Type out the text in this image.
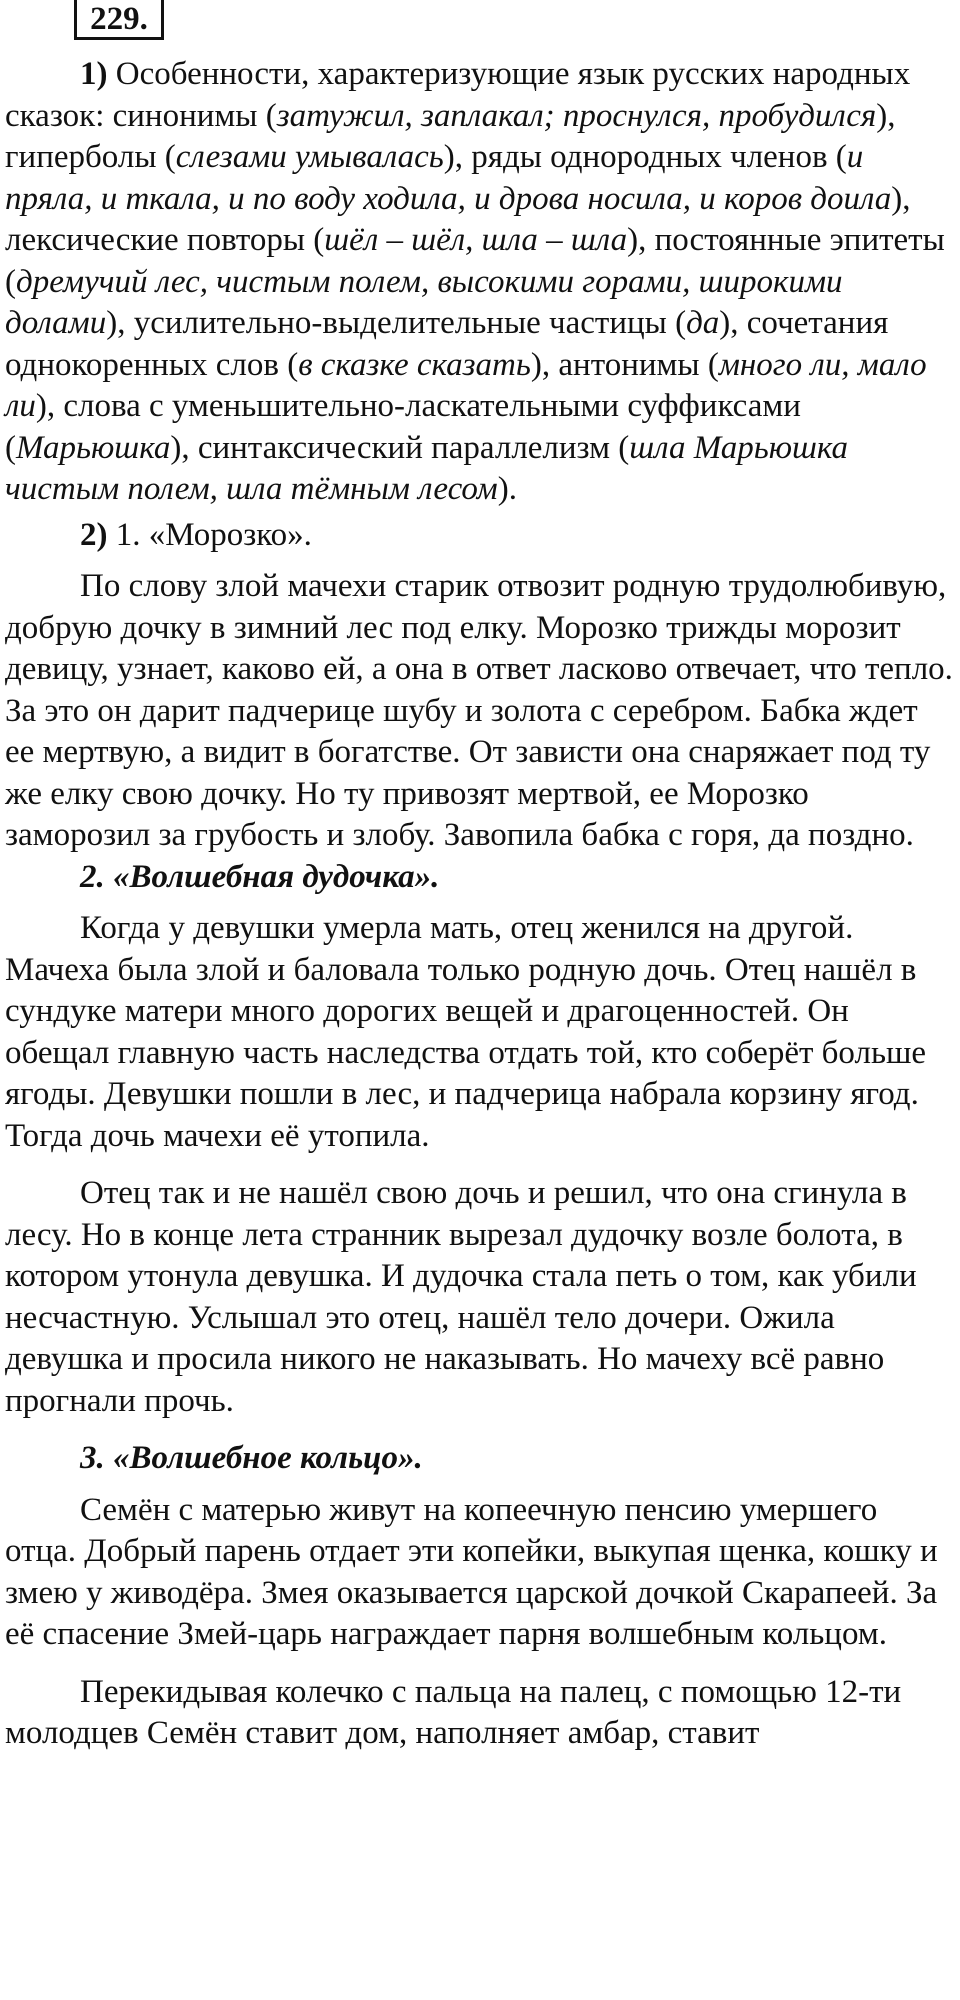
229.

1) Особенности, характеризующие язык русских народных сказок: синонимы (затужил, заплакал; проснулся, пробудился), гиперболы (слезами умывалась), ряды однородных членов (и пряла, и ткала, и по воду ходила, и дрова носила, и коров доила), лексические повторы (шёл – шёл, шла – шла), постоянные эпитеты (дремучий лес, чистым полем, высокими горами, широкими долами), усилительно-выделительные частицы (да), сочетания однокоренных слов (в сказке сказать), антонимы (много ли, мало ли), слова с уменьшительно-ласкательными суффиксами (Марьюшка), синтаксический параллелизм (шла Марьюшка чистым полем, шла тёмным лесом).

2) 1. «Морозко».

По слову злой мачехи старик отвозит родную трудолюбивую, добрую дочку в зимний лес под елку. Морозко трижды морозит девицу, узнает, каково ей, а она в ответ ласково отвечает, что тепло. За это он дарит падчерице шубу и золота с серебром. Бабка ждет ее мертвую, а видит в богатстве. От зависти она снаряжает под ту же елку свою дочку. Но ту привозят мертвой, ее Морозко заморозил за грубость и злобу. Завопила бабка с горя, да поздно.

2. «Волшебная дудочка».

Когда у девушки умерла мать, отец женился на другой. Мачеха была злой и баловала только родную дочь. Отец нашёл в сундуке матери много дорогих вещей и драгоценностей. Он обещал главную часть наследства отдать той, кто соберёт больше ягоды. Девушки пошли в лес, и падчерица набрала корзину ягод. Тогда дочь мачехи её утопила.

Отец так и не нашёл свою дочь и решил, что она сгинула в лесу. Но в конце лета странник вырезал дудочку возле болота, в котором утонула девушка. И дудочка стала петь о том, как убили несчастную. Услышал это отец, нашёл тело дочери. Ожила девушка и просила никого не наказывать. Но мачеху всё равно прогнали прочь.

3. «Волшебное кольцо».

Семён с матерью живут на копеечную пенсию умершего отца. Добрый парень отдает эти копейки, выкупая щенка, кошку и змею у живодёра. Змея оказывается царской дочкой Скарапеей. За её спасение Змей-царь награждает парня волшебным кольцом.

Перекидывая колечко с пальца на палец, с помощью 12-ти молодцев Семён ставит дом, наполняет амбар, ставит
